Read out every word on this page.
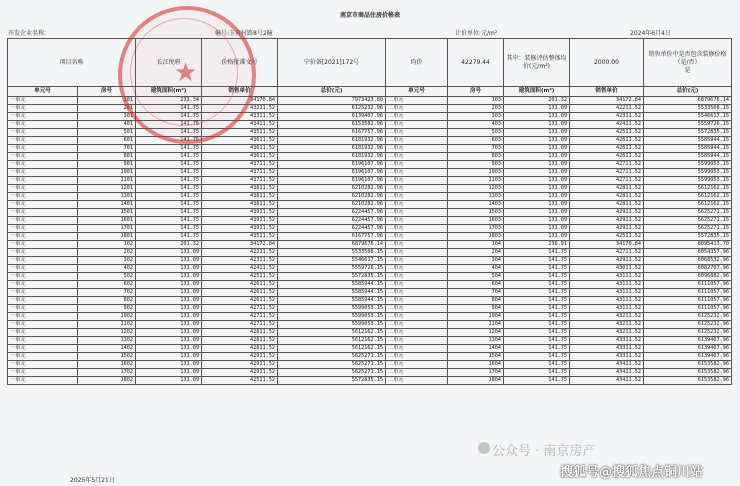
南京市商品住房价格表
开发企业名称：	幢号:玉荷村路8号2幢	计价单位:元/m²	2024年6月4日
项目名称		长江悦府	价格批准文号	宁价备[2021]172号	均价	42279.44	其中：装修评估整体均价(元/m²)	2000.00	销售单价中是否包含装修价格（是/否）
是
单元号	房号	建筑面积(m²)	销售单价	总价(元)	单元号	房号	建筑面积(m²)	销售单价	总价(元)
一单元	101	233.34	34170.84	7973423.80	二单元	103	201.32	34172.84	6879676.14
一单元	201	141.75	43211.52	6125232.96	二单元	203	131.09	42211.52	5533508.15
一单元	301	141.75	43311.52	6139407.96	二单元	303	131.09	42311.52	5546617.15
一单元	401	141.75	43411.52	6153582.96	二单元	403	131.09	42411.52	5559726.15
一单元	501	141.75	43511.52	6167757.96	二单元	503	131.09	42511.52	5572835.15
一单元	601	141.75	43611.52	6181932.96	二单元	603	131.09	42611.52	5585944.15
一单元	701	141.75	43611.52	6181932.96	二单元	703	131.09	42611.52	5585944.15
一单元	801	141.75	43611.52	6181932.96	二单元	803	131.09	42611.52	5585944.15
一单元	901	141.75	43711.52	6196107.96	二单元	903	131.09	42711.52	5599053.15
一单元	1001	141.75	43711.52	6196107.96	二单元	1003	131.09	42711.52	5599053.15
一单元	1101	141.75	43711.52	6196107.96	二单元	1103	131.09	42711.52	5599053.15
一单元	1201	141.75	43811.52	6210282.96	二单元	1203	131.09	42811.52	5612162.15
一单元	1301	141.75	43811.52	6210282.96	二单元	1303	131.09	42811.52	5612162.15
一单元	1401	141.75	43811.52	6210282.96	二单元	1403	131.09	42811.52	5612162.15
一单元	1501	141.75	43911.52	6224457.96	二单元	1503	131.09	42911.52	5625271.15
一单元	1601	141.75	43911.52	6224457.96	二单元	1603	131.09	42911.52	5625271.15
一单元	1701	141.75	43911.52	6224457.96	二单元	1703	131.09	42911.52	5625271.15
一单元	1801	141.75	43511.52	6167757.96	二单元	1803	131.09	42511.52	5572835.15
一单元	102	201.32	34172.84	6879676.14	二单元	104	236.91	34170.84	8095413.70
一单元	202	131.09	42211.52	5533508.15	二单元	204	141.75	42711.52	6054357.96
一单元	302	131.09	42311.52	5546617.15	二单元	304	141.75	42911.52	6068532.96
一单元	402	131.09	42411.52	5559726.15	二单元	404	141.75	43011.52	6082707.96
一单元	502	131.09	42511.52	5572835.15	二单元	504	141.75	43111.52	6096882.96
一单元	602	131.09	42611.52	5585944.15	二单元	604	141.75	43111.52	6111057.96
一单元	702	131.09	42611.52	5585944.15	二单元	704	141.75	43111.52	6111057.96
一单元	802	131.09	42611.52	5585944.15	二单元	804	141.75	43111.52	6111057.96
一单元	902	131.09	42711.52	5599053.15	二单元	904	141.75	43111.52	6111057.96
一单元	1002	131.09	42711.52	5599053.15	二单元	1004	141.75	43211.52	6125232.96
一单元	1102	131.09	42711.52	5599053.15	二单元	1104	141.75	43211.52	6125232.96
一单元	1202	131.09	42811.52	5612162.15	二单元	1204	141.75	43211.52	6125232.96
一单元	1302	131.09	42811.52	5612162.15	二单元	1304	141.75	43311.52	6139407.96
一单元	1402	131.09	42811.52	5612162.15	二单元	1404	141.75	43311.52	6139407.96
一单元	1502	131.09	42911.52	5625271.15	二单元	1504	141.75	43311.52	6139407.96
一单元	1602	131.09	42911.52	5625271.15	二单元	1604	141.75	43411.52	6153582.96
一单元	1702	131.09	42911.52	5625271.15	二单元	1704	141.75	43411.52	6153582.96
一单元	1802	131.09	42511.52	5572835.15	二单元	1804	141.75	43411.52	6153582.96
★
2025年5月21日
公众号 · 南京房产
搜狐号@搜狐焦点铜川站
